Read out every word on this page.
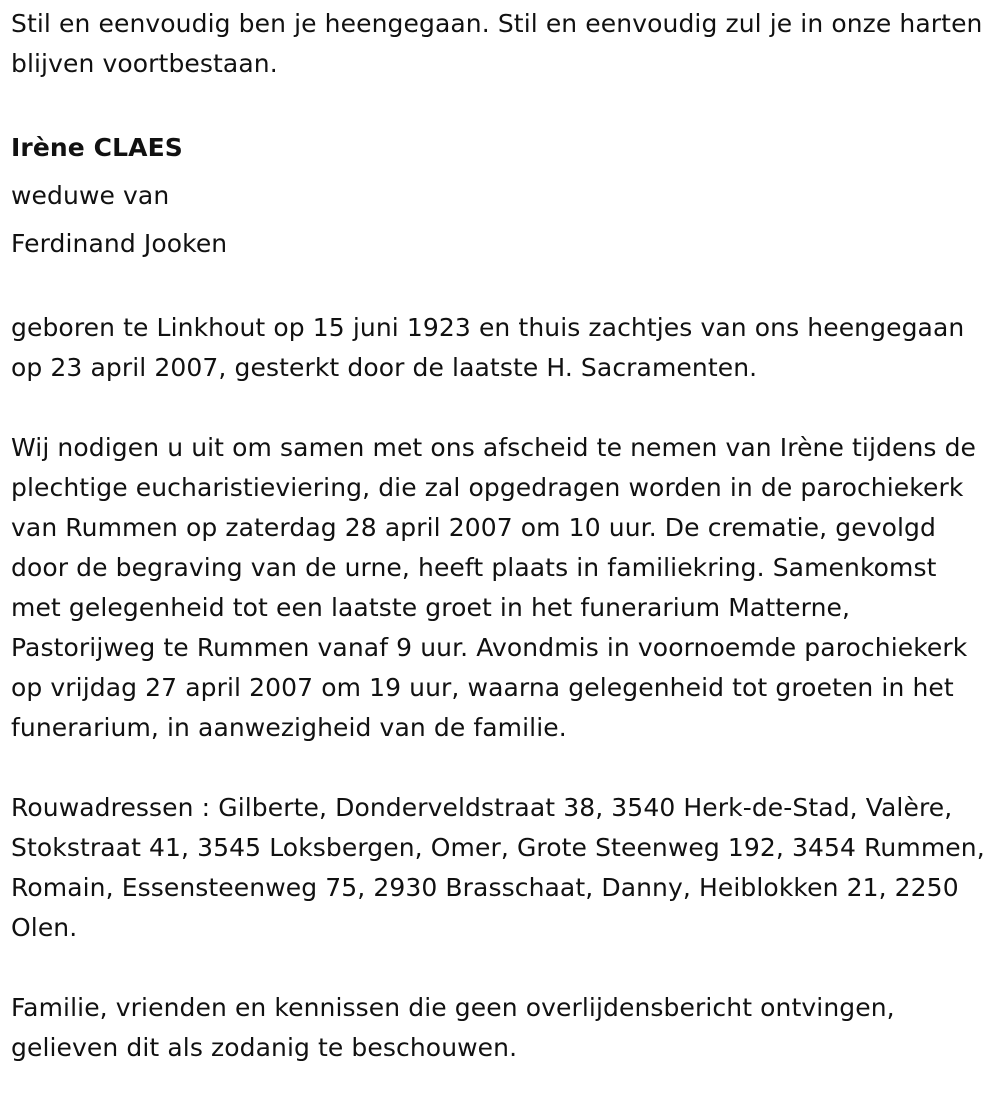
Stil en eenvoudig ben je heengegaan. Stil en eenvoudig zul je in onze harten blijven voortbestaan.

Irène CLAES

weduwe van

Ferdinand Jooken

geboren te Linkhout op 15 juni 1923 en thuis zachtjes van ons heengegaan op 23 april 2007, gesterkt door de laatste H. Sacramenten.

Wij nodigen u uit om samen met ons afscheid te nemen van Irène tijdens de plechtige eucharistieviering, die zal opgedragen worden in de parochiekerk van Rummen op zaterdag 28 april 2007 om 10 uur. De crematie, gevolgd door de begraving van de urne, heeft plaats in familiekring. Samenkomst met gelegenheid tot een laatste groet in het funerarium Matterne, Pastorijweg te Rummen vanaf 9 uur. Avondmis in voornoemde parochiekerk op vrijdag 27 april 2007 om 19 uur, waarna gelegenheid tot groeten in het funerarium, in aanwezigheid van de familie.

Rouwadressen : Gilberte, Donderveldstraat 38, 3540 Herk-de-Stad, Valère, Stokstraat 41, 3545 Loksbergen, Omer, Grote Steenweg 192, 3454 Rummen, Romain, Essensteenweg 75, 2930 Brasschaat, Danny, Heiblokken 21, 2250 Olen.

Familie, vrienden en kennissen die geen overlijdensbericht ontvingen, gelieven dit als zodanig te beschouwen.
